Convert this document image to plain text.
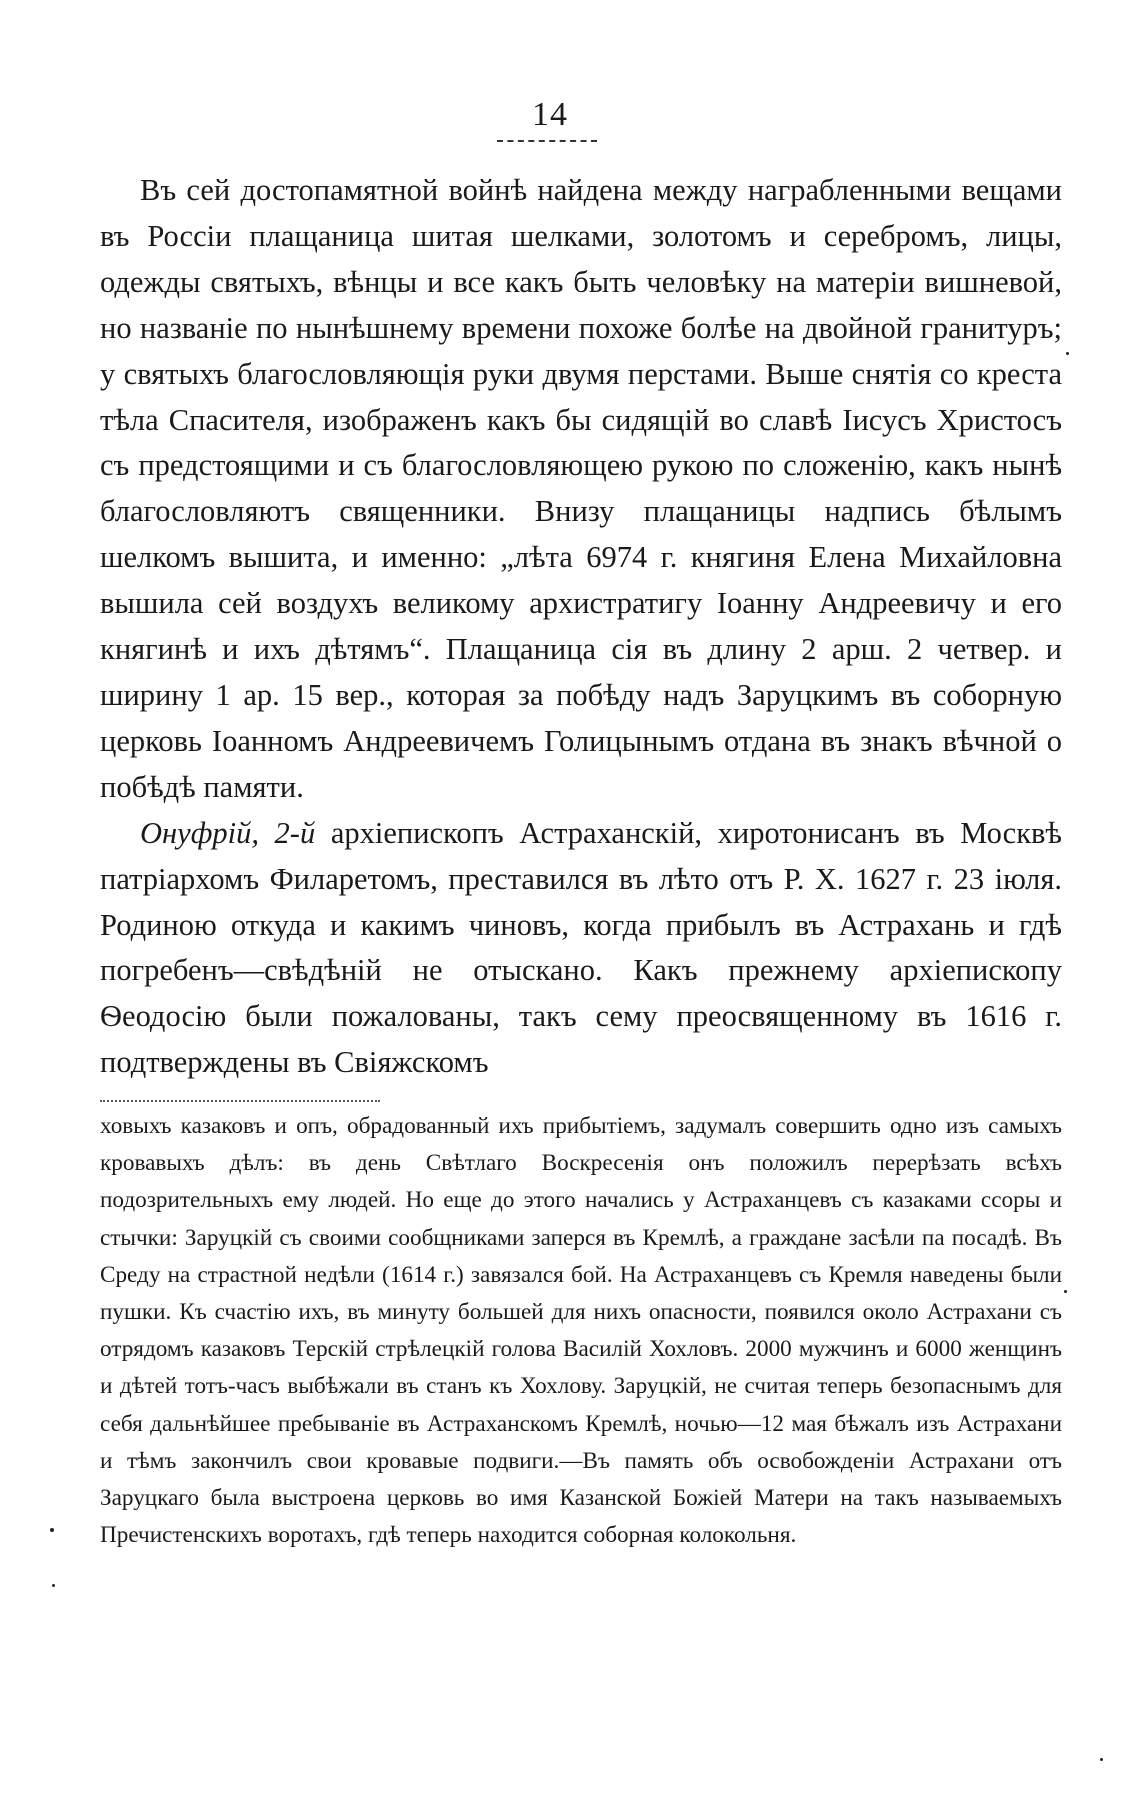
14

Въ сей достопамятной войнѣ найдена между награбленными вещами въ Россіи плащаница шитая шелками, золотомъ и серебромъ, лицы, одежды святыхъ, вѣнцы и все какъ быть человѣку на матеріи вишневой, но названіе по нынѣшнему времени похоже болѣе на двойной гранитуръ; у святыхъ благословляющія руки двумя перстами. Выше снятія со креста тѣла Спасителя, изображенъ какъ бы сидящій во славѣ Іисусъ Христосъ съ предстоящими и съ благословляющею рукою по сложенію, какъ нынѣ благословляютъ священники. Внизу плащаницы надпись бѣлымъ шелкомъ вышита, и именно: „лѣта 6974 г. княгиня Елена Михайловна вышила сей воздухъ великому архистратигу Іоанну Андреевичу и его княгинѣ и ихъ дѣтямъ“. Плащаница сія въ длину 2 арш. 2 четвер. и ширину 1 ар. 15 вер., которая за побѣду надъ Заруцкимъ въ соборную церковь Іоанномъ Андреевичемъ Голицынымъ отдана въ знакъ вѣчной о побѣдѣ памяти.

Онуфрій, 2-й архіепископъ Астраханскій, хиротонисанъ въ Москвѣ патріархомъ Филаретомъ, преставился въ лѣто отъ Р. Х. 1627 г. 23 іюля. Родиною откуда и какимъ чиновъ, когда прибылъ въ Астрахань и гдѣ погребенъ—свѣдѣній не отыскано. Какъ прежнему архіепископу Ѳеодосію были пожалованы, такъ сему преосвященному въ 1616 г. подтверждены въ Свіяжскомъ

ховыхъ казаковъ и опъ, обрадованный ихъ прибытіемъ, задумалъ совершить одно изъ самыхъ кровавыхъ дѣлъ: въ день Свѣтлаго Воскресенія онъ положилъ перерѣзать всѣхъ подозрительныхъ ему людей. Но еще до этого начались у Астраханцевъ съ казаками ссоры и стычки: Заруцкій съ своими сообщниками заперся въ Кремлѣ, а граждане засѣли па посадѣ. Въ Среду на страстной недѣли (1614 г.) завязался бой. На Астраханцевъ съ Кремля наведены были пушки. Къ счастію ихъ, въ минуту большей для нихъ опасности, появился около Астрахани съ отрядомъ казаковъ Терскій стрѣлецкій голова Василій Хохловъ. 2000 мужчинъ и 6000 женщинъ и дѣтей тотъ-часъ выбѣжали въ станъ къ Хохлову. Заруцкій, не считая теперь безопаснымъ для себя дальнѣйшее пребываніе въ Астраханскомъ Кремлѣ, ночью—12 мая бѣжалъ изъ Астрахани и тѣмъ закончилъ свои кровавые подвиги.—Въ память объ освобожденіи Астрахани отъ Заруцкаго была выстроена церковь во имя Казанской Божіей Матери на такъ называемыхъ Пречистенскихъ воротахъ, гдѣ теперь находится соборная колокольня.
